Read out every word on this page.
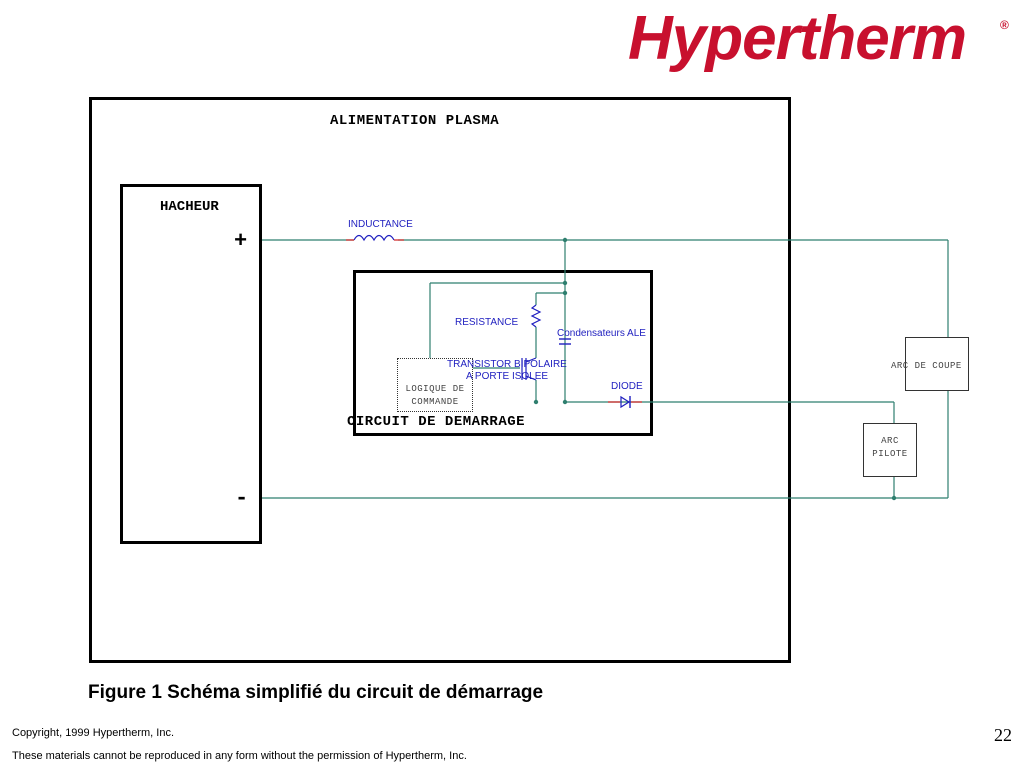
Hypertherm	®
ALIMENTATION PLASMA
HACHEUR
+
-
INDUCTANCE
RESISTANCE
Condensateurs ALE
LOGIQUE DE
COMMANDE
TRANSISTOR BIPOLAIRE
A PORTE ISOLEE
DIODE
CIRCUIT DE DEMARRAGE
ARC DE COUPE
ARC
PILOTE
Figure 1 Schéma simplifié du circuit de démarrage
Copyright, 1999 Hypertherm, Inc.
These materials cannot be reproduced in any form without the permission of Hypertherm, Inc.
22
